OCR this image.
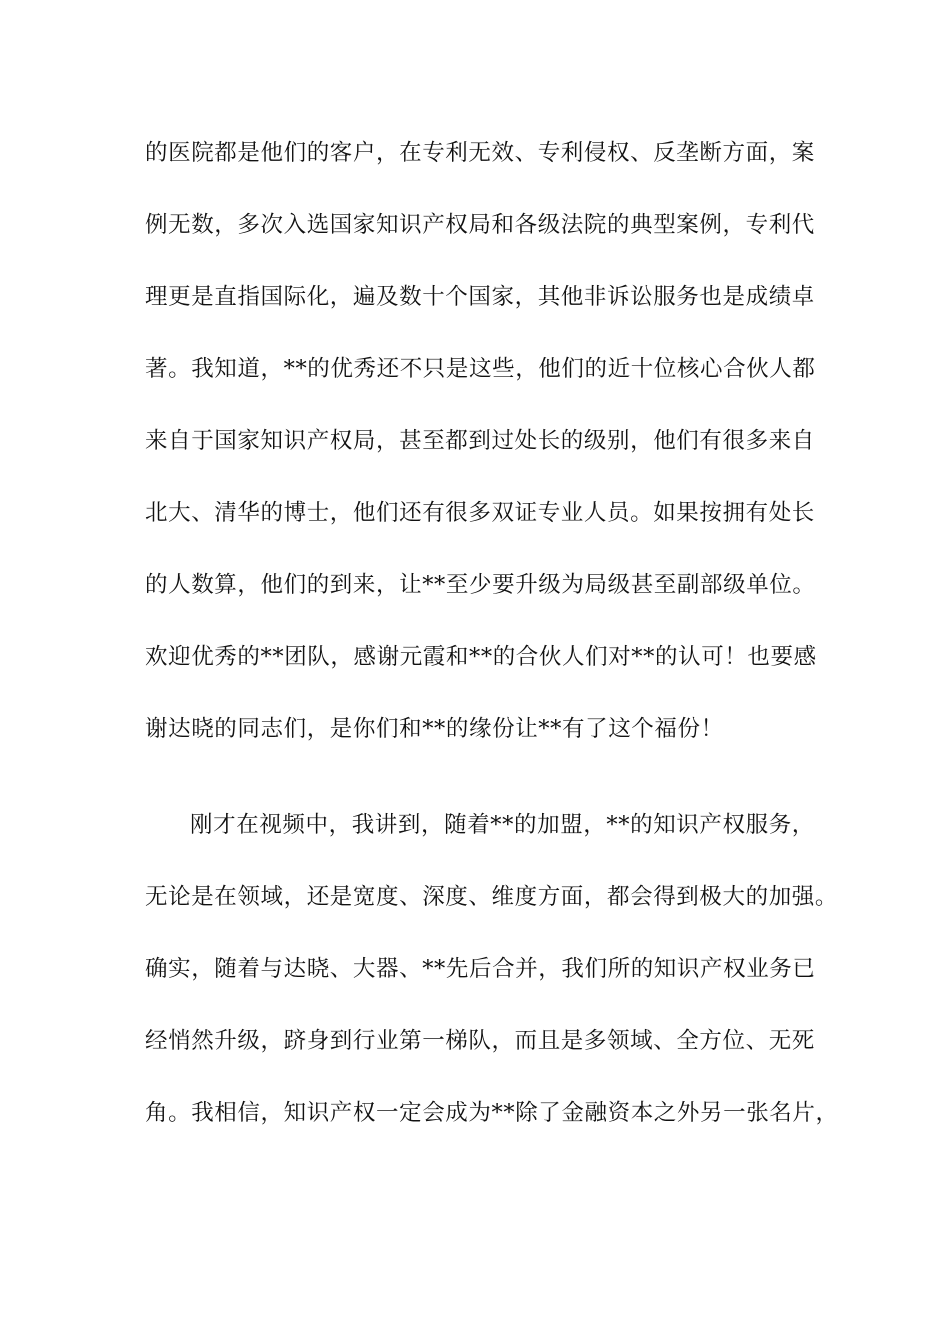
的医院都是他们的客户，在专利无效、专利侵权、反垄断方面，案
例无数，多次入选国家知识产权局和各级法院的典型案例，专利代
理更是直指国际化，遍及数十个国家，其他非诉讼服务也是成绩卓
著。我知道，**的优秀还不只是这些，他们的近十位核心合伙人都
来自于国家知识产权局，甚至都到过处长的级别，他们有很多来自
北大、清华的博士，他们还有很多双证专业人员。如果按拥有处长
的人数算，他们的到来，让**至少要升级为局级甚至副部级单位。
欢迎优秀的**团队，感谢元霞和**的合伙人们对**的认可！也要感
谢达晓的同志们，是你们和**的缘份让**有了这个福份！
刚才在视频中，我讲到，随着**的加盟，**的知识产权服务，
无论是在领域，还是宽度、深度、维度方面，都会得到极大的加强。
确实，随着与达晓、大器、**先后合并，我们所的知识产权业务已
经悄然升级，跻身到行业第一梯队，而且是多领域、全方位、无死
角。我相信，知识产权一定会成为**除了金融资本之外另一张名片，
